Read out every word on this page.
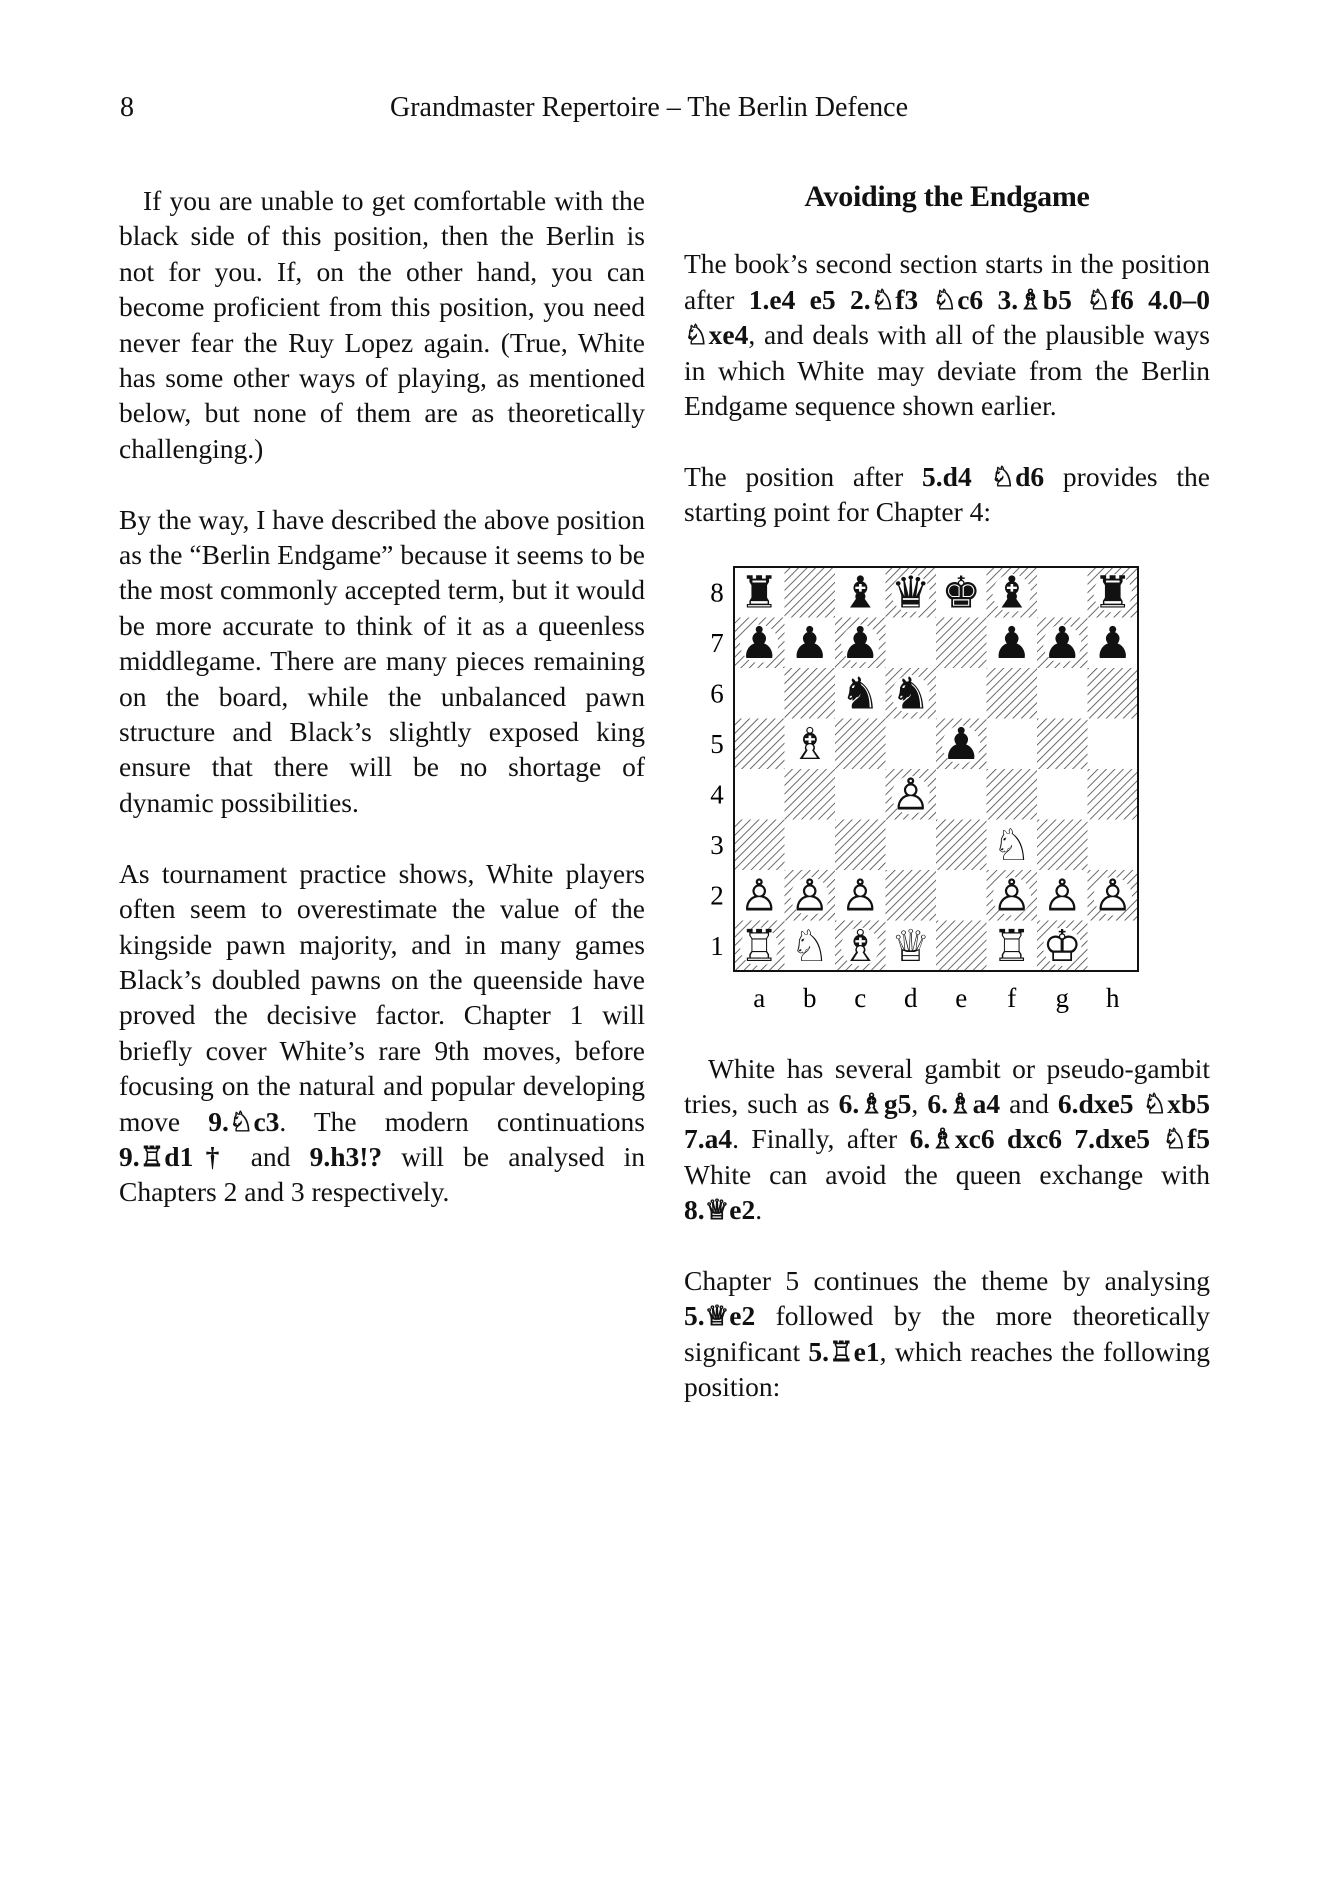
8	Grandmaster Repertoire – The Berlin Defence

If you are unable to get comfortable with the black side of this position, then the Berlin is not for you. If, on the other hand, you can become proficient from this position, you need never fear the Ruy Lopez again. (True, White has some other ways of playing, as mentioned below, but none of them are as theoretically challenging.)

By the way, I have described the above position as the “Berlin Endgame” because it seems to be the most commonly accepted term, but it would be more accurate to think of it as a queenless middlegame. There are many pieces remaining on the board, while the unbalanced pawn structure and Black’s slightly exposed king ensure that there will be no shortage of dynamic possibilities.

As tournament practice shows, White players often seem to overestimate the value of the kingside pawn majority, and in many games Black’s doubled pawns on the queenside have proved the decisive factor. Chapter 1 will briefly cover White’s rare 9th moves, before focusing on the natural and popular developing move 9.♘c3. The modern continuations 9.♖d1† and 9.h3!? will be analysed in Chapters 2 and 3 respectively.

Avoiding the Endgame

The book’s second section starts in the position after 1.e4 e5 2.♘f3 ♘c6 3.♗b5 ♘f6 4.0–0 ♘xe4, and deals with all of the plausible ways in which White may deviate from the Berlin Endgame sequence shown earlier.

The position after 5.d4 ♘d6 provides the starting point for Chapter 4:

♜ ♝ ♛ ♚ ♝ ♜
♟ ♟ ♟	♟ ♟ ♟
♞ ♞
♗	♟
♙
♘
♙ ♙ ♙	♙ ♙ ♙
♖ ♘ ♗ ♕ ♖ ♔
8
7
6
5
4
3
2
1
a b c d e f g h

White has several gambit or pseudo-gambit tries, such as 6.♗g5, 6.♗a4 and 6.dxe5 ♘xb5 7.a4. Finally, after 6.♗xc6 dxc6 7.dxe5 ♘f5 White can avoid the queen exchange with 8.♕e2.

Chapter 5 continues the theme by analysing 5.♕e2 followed by the more theoretically significant 5.♖e1, which reaches the following position:
